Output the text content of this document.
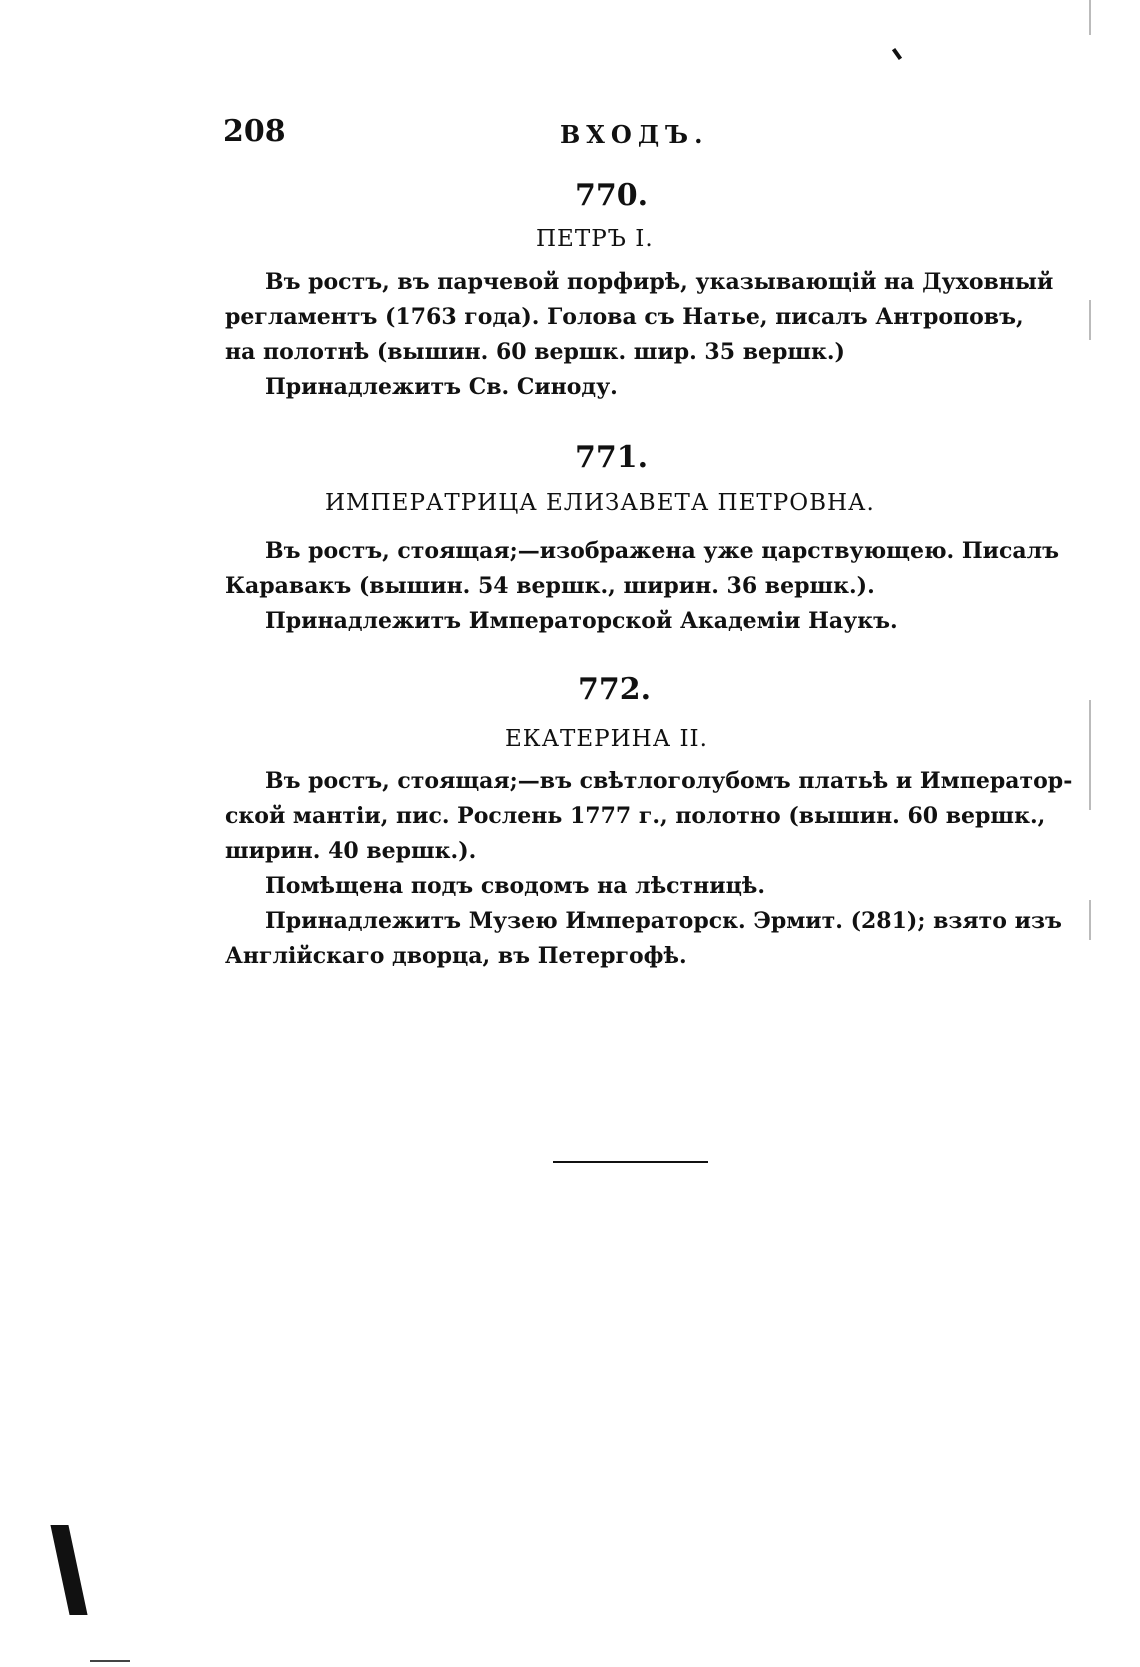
208	ВХОДЪ.
770.
ПЕТРЪ I.
Въ ростъ, въ парчевой порфирѣ, указывающій на Духовный
регламентъ (1763 года). Голова съ Натье, писалъ Антроповъ,
на полотнѣ (вышин. 60 вершк. шир. 35 вершк.)
Принадлежитъ Св. Синоду.
771.
ИМПЕРАТРИЦА ЕЛИЗАВЕТА ПЕТРОВНА.
Въ ростъ, стоящая;—изображена уже царствующею. Писалъ
Каравакъ (вышин. 54 вершк., ширин. 36 вершк.).
Принадлежитъ Императорской Академіи Наукъ.
772.
ЕКАТЕРИНА II.
Въ ростъ, стоящая;—въ свѣтлоголубомъ платьѣ и Император-
ской мантіи, пис. Рослень 1777 г., полотно (вышин. 60 вершк.,
ширин. 40 вершк.).
Помѣщена подъ сводомъ на лѣстницѣ.
Принадлежитъ Музею Императорск. Эрмит. (281); взято изъ
Англійскаго дворца, въ Петергофѣ.
